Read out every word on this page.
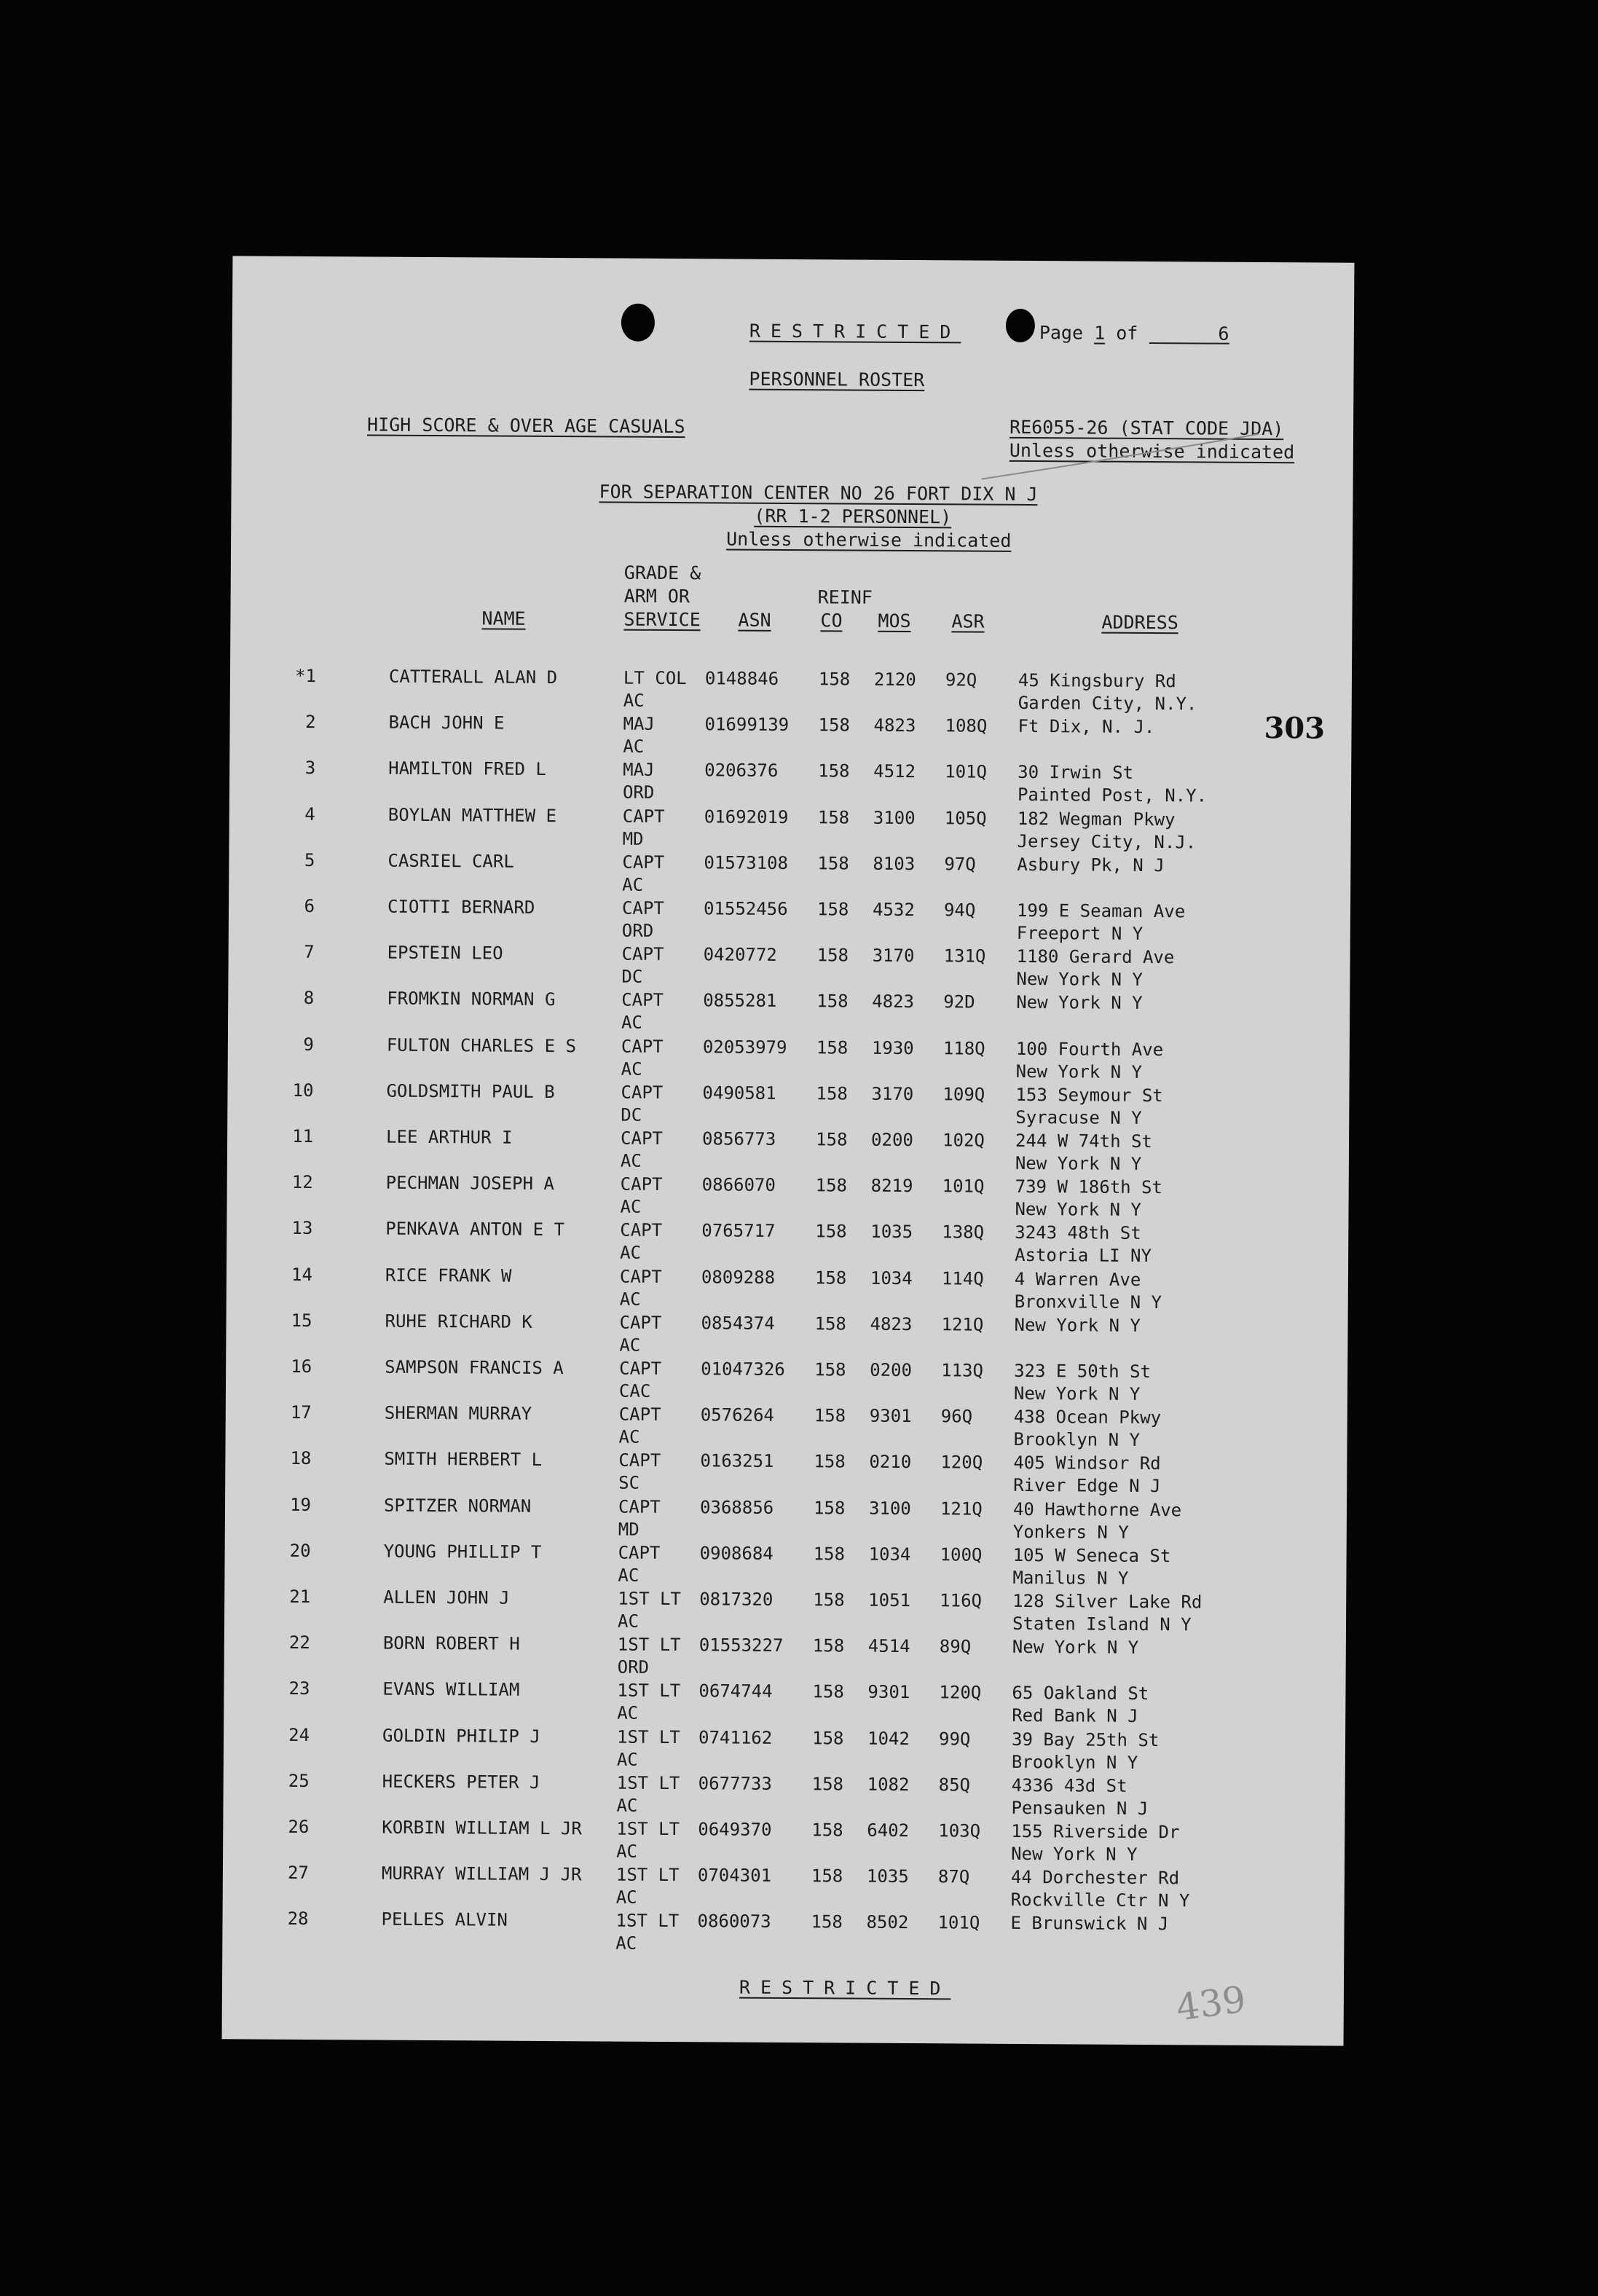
RESTRICTED	Page 1 of	6
PERSONNEL ROSTER
HIGH SCORE & OVER AGE CASUALS	RE6055-26 (STAT CODE JDA)
Unless otherwise indicated
FOR SEPARATION CENTER NO 26 FORT DIX N J
(RR 1-2 PERSONNEL)
Unless otherwise indicated
NAME
GRADE &
ARM OR
SERVICE ASN
REINF
CO MOS ASR	ADDRESS
*1	CATTERALL ALAN D	LT COL 0148846 158 2120 92Q 45 Kingsbury Rd
AC	Garden City, N.Y.
2	BACH JOHN E	MAJ	01699139 158 4823 108Q Ft Dix, N. J.
AC
3	HAMILTON FRED L	MAJ	0206376 158 4512 101Q 30 Irwin St
ORD	Painted Post, N.Y.
4	BOYLAN MATTHEW E	CAPT 01692019 158 3100 105Q 182 Wegman Pkwy
MD	Jersey City, N.J.
5	CASRIEL CARL	CAPT 01573108 158 8103 97Q Asbury Pk, N J
AC
6	CIOTTI BERNARD	CAPT 01552456 158 4532 94Q 199 E Seaman Ave
ORD	Freeport N Y
7	EPSTEIN LEO	CAPT 0420772 158 3170 131Q 1180 Gerard Ave
DC	New York N Y
8	FROMKIN NORMAN G	CAPT 0855281 158 4823 92D New York N Y
AC
9	FULTON CHARLES E S	CAPT 02053979 158 1930 118Q 100 Fourth Ave
AC	New York N Y
10	GOLDSMITH PAUL B	CAPT 0490581 158 3170 109Q 153 Seymour St
DC	Syracuse N Y
11	LEE ARTHUR I	CAPT 0856773 158 0200 102Q 244 W 74th St
AC	New York N Y
12	PECHMAN JOSEPH A	CAPT 0866070 158 8219 101Q 739 W 186th St
AC	New York N Y
13	PENKAVA ANTON E T	CAPT 0765717 158 1035 138Q 3243 48th St
AC	Astoria LI NY
14	RICE FRANK W	CAPT 0809288 158 1034 114Q 4 Warren Ave
AC	Bronxville N Y
15	RUHE RICHARD K	CAPT 0854374 158 4823 121Q New York N Y
AC
16	SAMPSON FRANCIS A	CAPT 01047326 158 0200 113Q 323 E 50th St
CAC	New York N Y
17	SHERMAN MURRAY	CAPT 0576264 158 9301 96Q 438 Ocean Pkwy
AC	Brooklyn N Y
18	SMITH HERBERT L	CAPT 0163251 158 0210 120Q 405 Windsor Rd
SC	River Edge N J
19	SPITZER NORMAN	CAPT 0368856 158 3100 121Q 40 Hawthorne Ave
MD	Yonkers N Y
20	YOUNG PHILLIP T	CAPT 0908684 158 1034 100Q 105 W Seneca St
AC	Manilus N Y
21	ALLEN JOHN J	1ST LT 0817320 158 1051 116Q 128 Silver Lake Rd
AC	Staten Island N Y
22	BORN ROBERT H	1ST LT 01553227 158 4514 89Q New York N Y
ORD
23	EVANS WILLIAM	1ST LT 0674744 158 9301 120Q 65 Oakland St
AC	Red Bank N J
24	GOLDIN PHILIP J	1ST LT 0741162 158 1042 99Q 39 Bay 25th St
AC	Brooklyn N Y
25	HECKERS PETER J	1ST LT 0677733 158 1082 85Q 4336 43d St
AC	Pensauken N J
26	KORBIN WILLIAM L JR 1ST LT 0649370 158 6402 103Q 155 Riverside Dr
AC	New York N Y
27	MURRAY WILLIAM J JR 1ST LT 0704301 158 1035 87Q 44 Dorchester Rd
AC	Rockville Ctr N Y
28	PELLES ALVIN	1ST LT 0860073 158 8502 101Q E Brunswick N J
AC
RESTRICTED
303
439
